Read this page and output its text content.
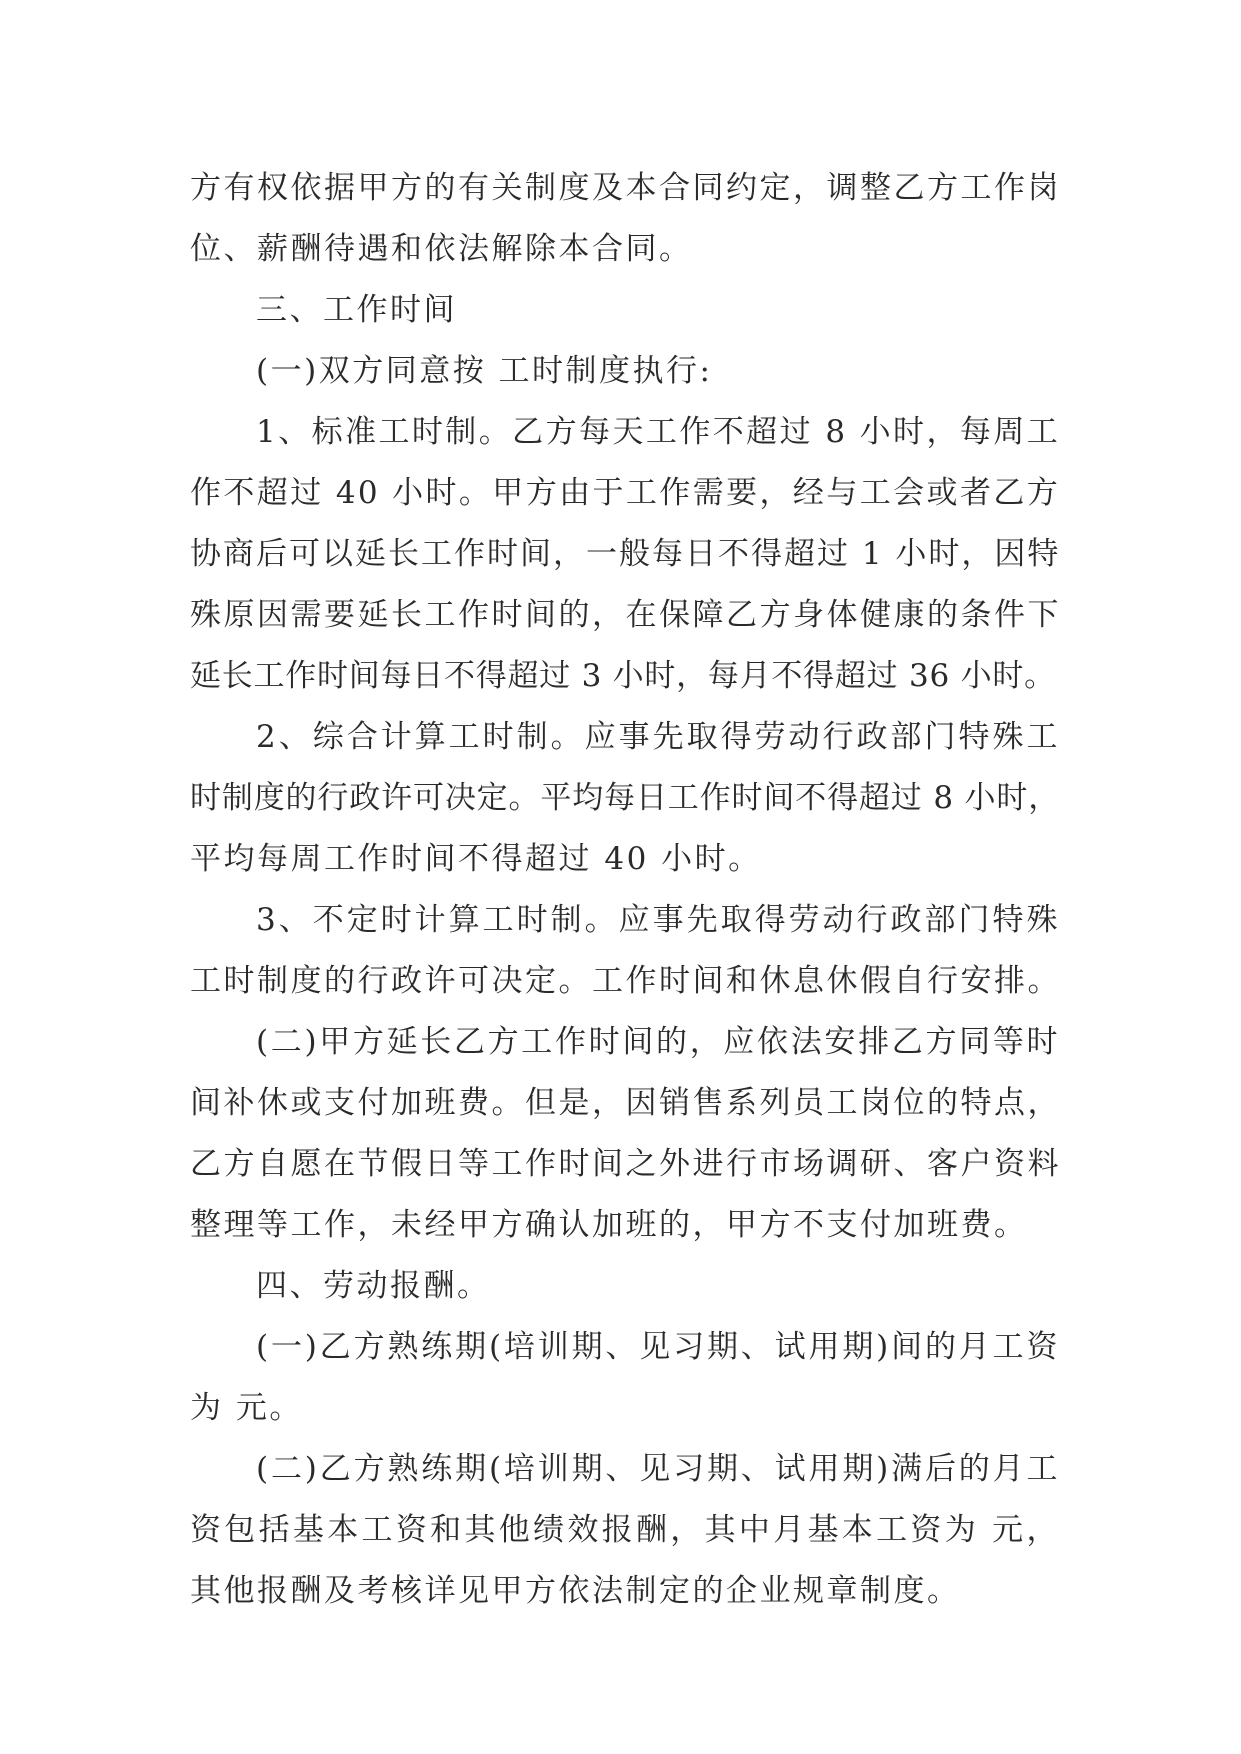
方有权依据甲方的有关制度及本合同约定，调整乙方工作岗
位、薪酬待遇和依法解除本合同。
三、工作时间
(一)双方同意按 工时制度执行:
1、标准工时制。乙方每天工作不超过 8 小时，每周工
作不超过 40 小时。甲方由于工作需要，经与工会或者乙方
协商后可以延长工作时间，一般每日不得超过 1 小时，因特
殊原因需要延长工作时间的，在保障乙方身体健康的条件下
延长工作时间每日不得超过 3 小时，每月不得超过 36 小时。
2、综合计算工时制。应事先取得劳动行政部门特殊工
时制度的行政许可决定。平均每日工作时间不得超过 8 小时，
平均每周工作时间不得超过 40 小时。
3、不定时计算工时制。应事先取得劳动行政部门特殊
工时制度的行政许可决定。工作时间和休息休假自行安排。
(二)甲方延长乙方工作时间的，应依法安排乙方同等时
间补休或支付加班费。但是，因销售系列员工岗位的特点，
乙方自愿在节假日等工作时间之外进行市场调研、客户资料
整理等工作，未经甲方确认加班的，甲方不支付加班费。
四、劳动报酬。
(一)乙方熟练期(培训期、见习期、试用期)间的月工资
为 元。
(二)乙方熟练期(培训期、见习期、试用期)满后的月工
资包括基本工资和其他绩效报酬，其中月基本工资为 元，
其他报酬及考核详见甲方依法制定的企业规章制度。
